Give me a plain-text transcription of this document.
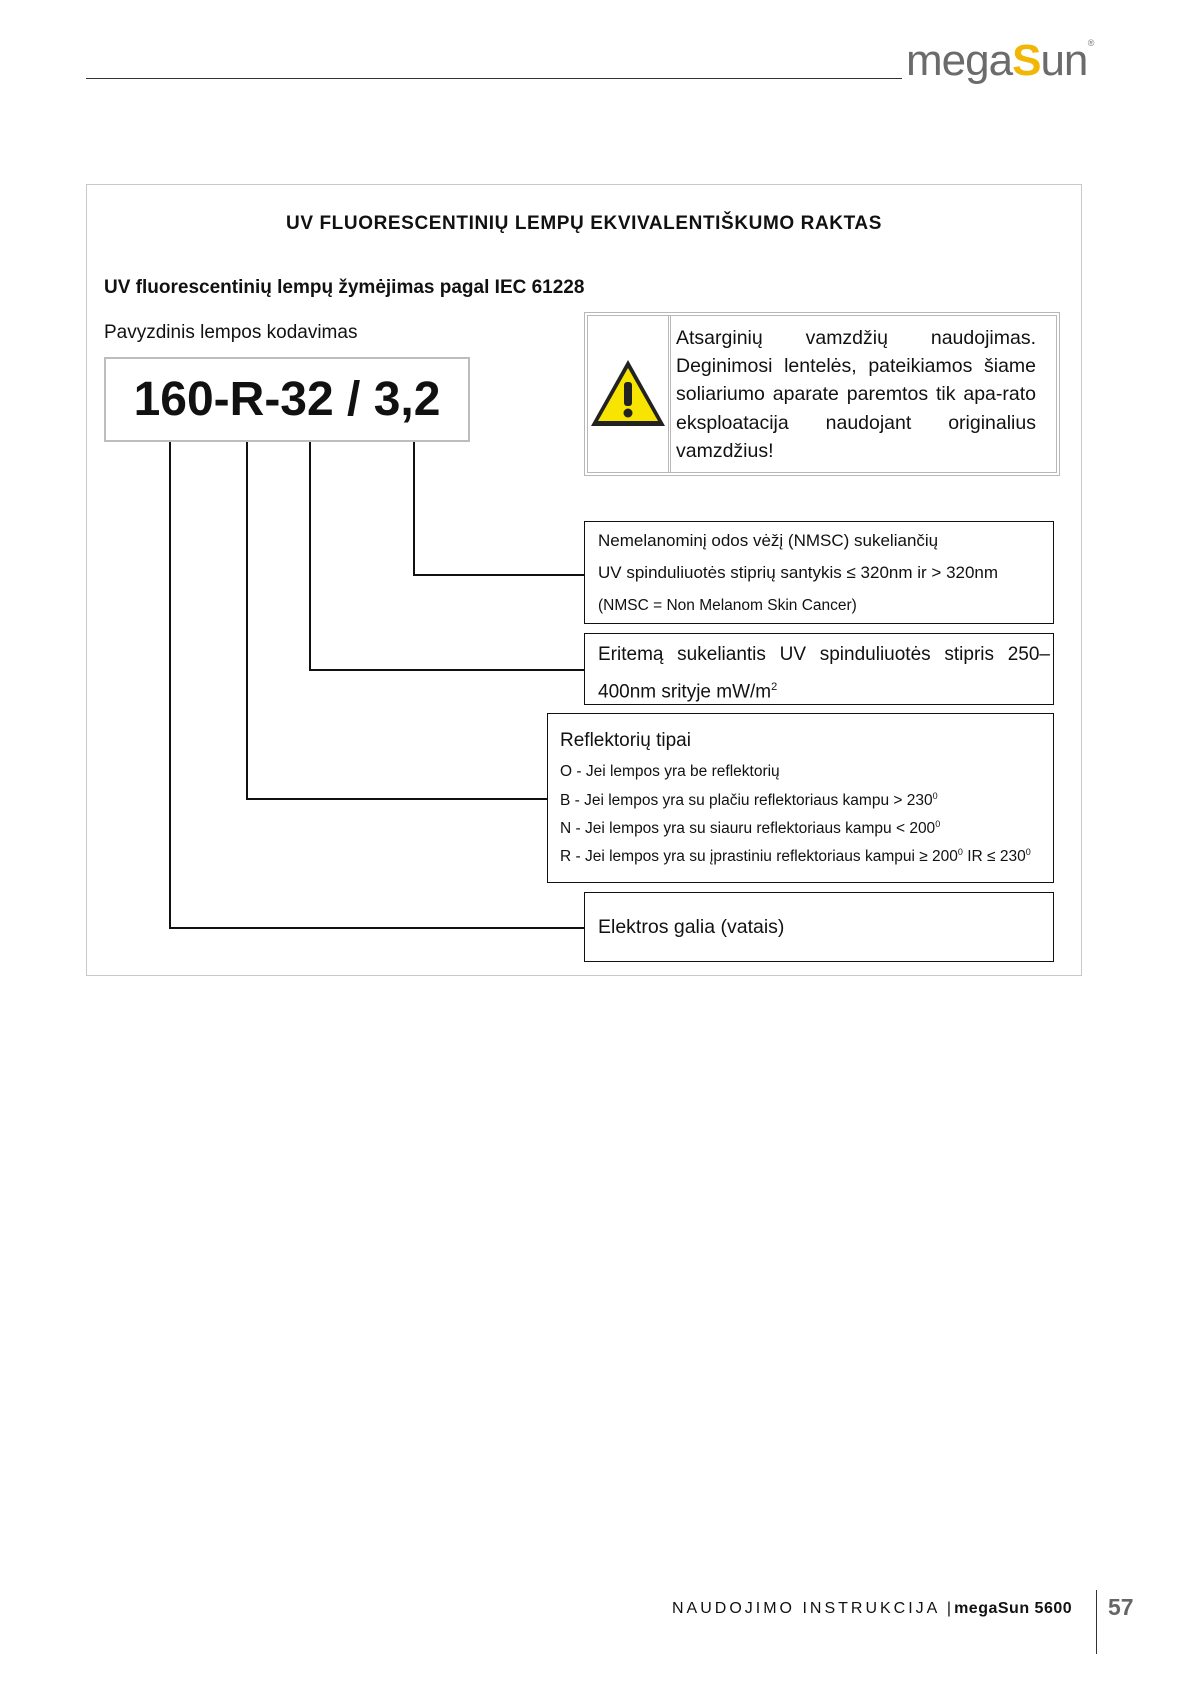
megaSun ®
UV FLUORESCENTINIŲ LEMPŲ EKVIVALENTIŠKUMO RAKTAS
UV fluorescentinių lempų žymėjimas pagal IEC 61228
Pavyzdinis lempos kodavimas
160-R-32 / 3,2
Atsarginių vamzdžių naudojimas. Deginimosi lentelės, pateikiamos šiame soliariumo aparate paremtos tik apa-rato eksploatacija naudojant originalius vamzdžius!
Nemelanominį odos vėžį (NMSC) sukeliančių
UV spinduliuotės stiprių santykis ≤ 320nm ir > 320nm
(NMSC = Non Melanom Skin Cancer)
Eritemą sukeliantis UV spinduliuotės stipris 250–400nm srityje $mW/m^2$
Reflektorių tipai
O - Jei lempos yra be reflektorių
B - Jei lempos yra su plačiu reflektoriaus kampu > $230^0$
N - Jei lempos yra su siauru reflektoriaus kampu < $200^0$
R - Jei lempos yra su įprastiniu reflektoriaus kampui ≥ $200^0$ IR ≤ $230^0$
Elektros galia (vatais)
NAUDOJIMO INSTRUKCIJA |megaSun 5600 57
